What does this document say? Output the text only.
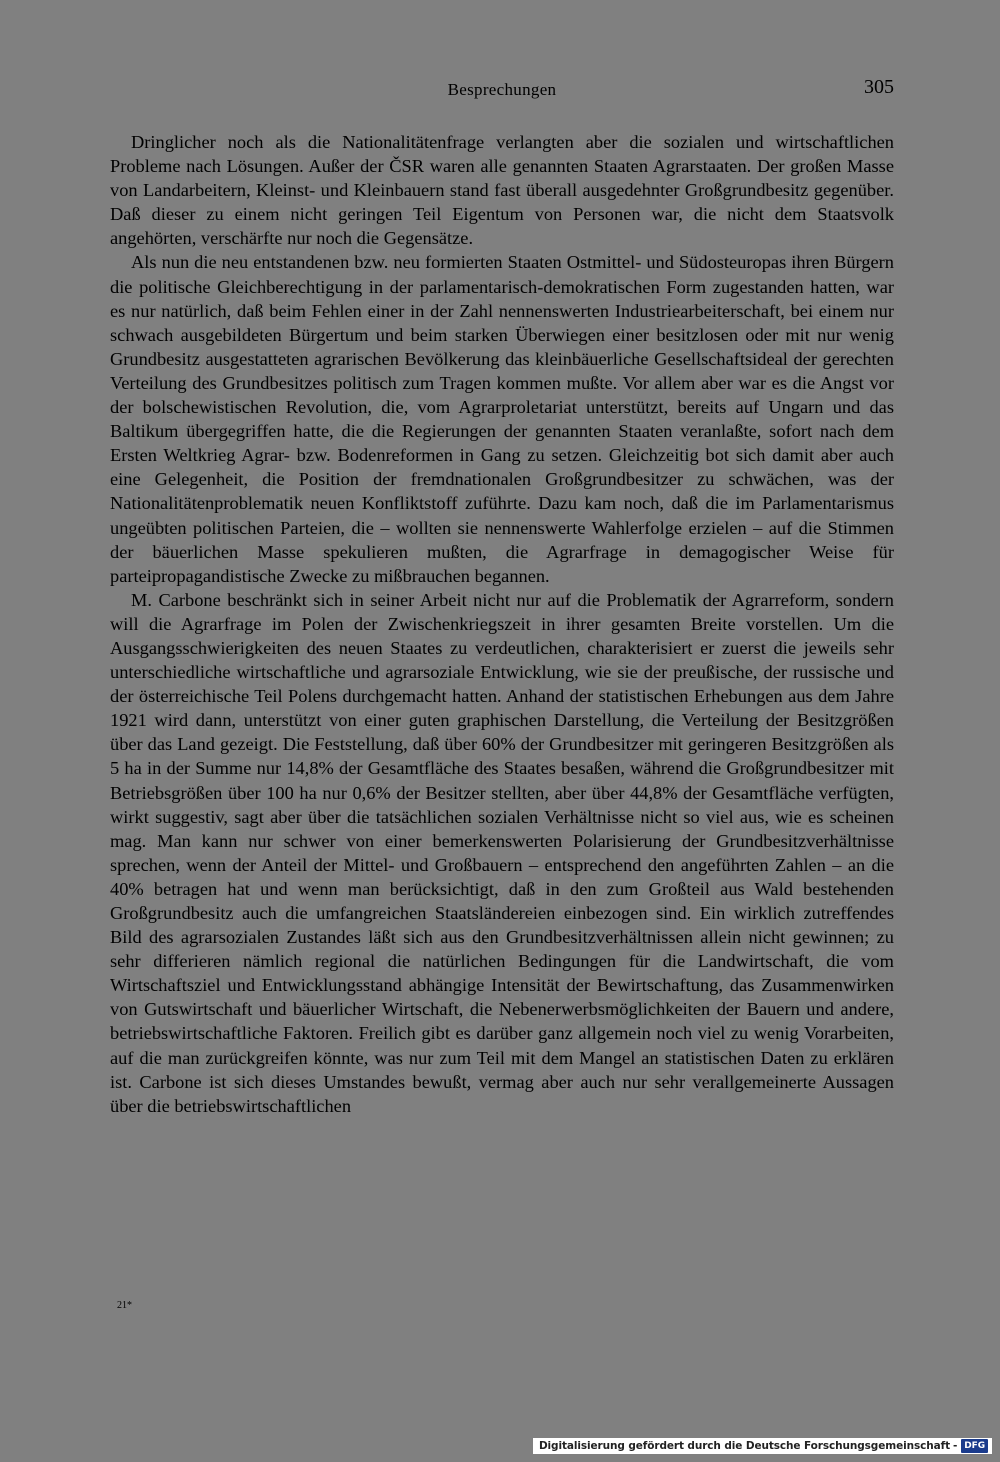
Besprechungen	305

Dringlicher noch als die Nationalitätenfrage verlangten aber die sozialen und wirtschaftlichen Probleme nach Lösungen. Außer der ČSR waren alle genannten Staaten Agrarstaaten. Der großen Masse von Landarbeitern, Kleinst- und Kleinbauern stand fast überall ausgedehnter Großgrundbesitz gegenüber. Daß dieser zu einem nicht geringen Teil Eigentum von Personen war, die nicht dem Staatsvolk angehörten, verschärfte nur noch die Gegensätze.

Als nun die neu entstandenen bzw. neu formierten Staaten Ostmittel- und Südosteuropas ihren Bürgern die politische Gleichberechtigung in der parlamentarisch-demokratischen Form zugestanden hatten, war es nur natürlich, daß beim Fehlen einer in der Zahl nennenswerten Industriearbeiterschaft, bei einem nur schwach ausgebildeten Bürgertum und beim starken Überwiegen einer besitzlosen oder mit nur wenig Grundbesitz ausgestatteten agrarischen Bevölkerung das kleinbäuerliche Gesellschaftsideal der gerechten Verteilung des Grundbesitzes politisch zum Tragen kommen mußte. Vor allem aber war es die Angst vor der bolschewistischen Revolution, die, vom Agrarproletariat unterstützt, bereits auf Ungarn und das Baltikum übergegriffen hatte, die die Regierungen der genannten Staaten veranlaßte, sofort nach dem Ersten Weltkrieg Agrar- bzw. Bodenreformen in Gang zu setzen. Gleichzeitig bot sich damit aber auch eine Gelegenheit, die Position der fremdnationalen Großgrundbesitzer zu schwächen, was der Nationalitätenproblematik neuen Konfliktstoff zuführte. Dazu kam noch, daß die im Parlamentarismus ungeübten politischen Parteien, die – wollten sie nennenswerte Wahlerfolge erzielen – auf die Stimmen der bäuerlichen Masse spekulieren mußten, die Agrarfrage in demagogischer Weise für parteipropagandistische Zwecke zu mißbrauchen begannen.

M. Carbone beschränkt sich in seiner Arbeit nicht nur auf die Problematik der Agrarreform, sondern will die Agrarfrage im Polen der Zwischenkriegszeit in ihrer gesamten Breite vorstellen. Um die Ausgangsschwierigkeiten des neuen Staates zu verdeutlichen, charakterisiert er zuerst die jeweils sehr unterschiedliche wirtschaftliche und agrarsoziale Entwicklung, wie sie der preußische, der russische und der österreichische Teil Polens durchgemacht hatten. Anhand der statistischen Erhebungen aus dem Jahre 1921 wird dann, unterstützt von einer guten graphischen Darstellung, die Verteilung der Besitzgrößen über das Land gezeigt. Die Feststellung, daß über 60% der Grundbesitzer mit geringeren Besitzgrößen als 5 ha in der Summe nur 14,8% der Gesamtfläche des Staates besaßen, während die Großgrundbesitzer mit Betriebsgrößen über 100 ha nur 0,6% der Besitzer stellten, aber über 44,8% der Gesamtfläche verfügten, wirkt suggestiv, sagt aber über die tatsächlichen sozialen Verhältnisse nicht so viel aus, wie es scheinen mag. Man kann nur schwer von einer bemerkenswerten Polarisierung der Grundbesitzverhältnisse sprechen, wenn der Anteil der Mittel- und Großbauern – entsprechend den angeführten Zahlen – an die 40% betragen hat und wenn man berücksichtigt, daß in den zum Großteil aus Wald bestehenden Großgrundbesitz auch die umfangreichen Staatsländereien einbezogen sind. Ein wirklich zutreffendes Bild des agrarsozialen Zustandes läßt sich aus den Grundbesitzverhältnissen allein nicht gewinnen; zu sehr differieren nämlich regional die natürlichen Bedingungen für die Landwirtschaft, die vom Wirtschaftsziel und Entwicklungsstand abhängige Intensität der Bewirtschaftung, das Zusammenwirken von Gutswirtschaft und bäuerlicher Wirtschaft, die Nebenerwerbsmöglichkeiten der Bauern und andere, betriebswirtschaftliche Faktoren. Freilich gibt es darüber ganz allgemein noch viel zu wenig Vorarbeiten, auf die man zurückgreifen könnte, was nur zum Teil mit dem Mangel an statistischen Daten zu erklären ist. Carbone ist sich dieses Umstandes bewußt, vermag aber auch nur sehr verallgemeinerte Aussagen über die betriebswirtschaftlichen

21*
Digitalisierung gefördert durch die Deutsche Forschungsgemeinschaft - DFG
